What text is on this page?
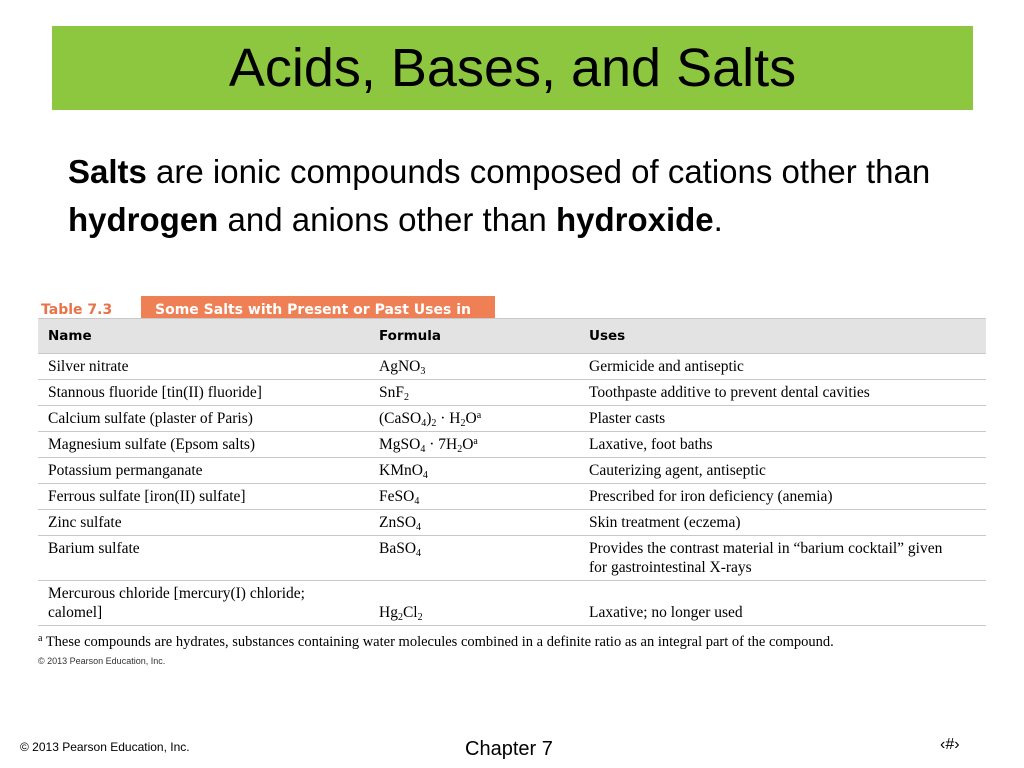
Acids, Bases, and Salts
Salts are ionic compounds composed of cations other than hydrogen and anions other than hydroxide.
Table 7.3	Some Salts with Present or Past Uses in
Name	Formula	Uses
Silver nitrate	AgNO$_3$	Germicide and antiseptic
Stannous fluoride [tin(II) fluoride]	SnF$_2$	Toothpaste additive to prevent dental cavities
Calcium sulfate (plaster of Paris)	$(CaSO_4)_2 \cdot H_2O^a$	Plaster casts
Magnesium sulfate (Epsom salts)	MgSO$_4$ · $7H_2O^a$	Laxative, foot baths
Potassium permanganate	KMnO$_4$	Cauterizing agent, antiseptic
Ferrous sulfate [iron(II) sulfate]	FeSO$_4$	Prescribed for iron deficiency (anemia)
Zinc sulfate	ZnSO$_4$	Skin treatment (eczema)
Barium sulfate	BaSO$_4$	Provides the contrast material in “barium cocktail” given for gastrointestinal X-rays
Mercurous chloride [mercury(I) chloride; calomel]	$Hg_2Cl_2$	Laxative; no longer used
$^a$ These compounds are hydrates, substances containing water molecules combined in a definite ratio as an integral part of the compound.
© 2013 Pearson Education, Inc.
© 2013 Pearson Education, Inc.	Chapter 7	‹#›
